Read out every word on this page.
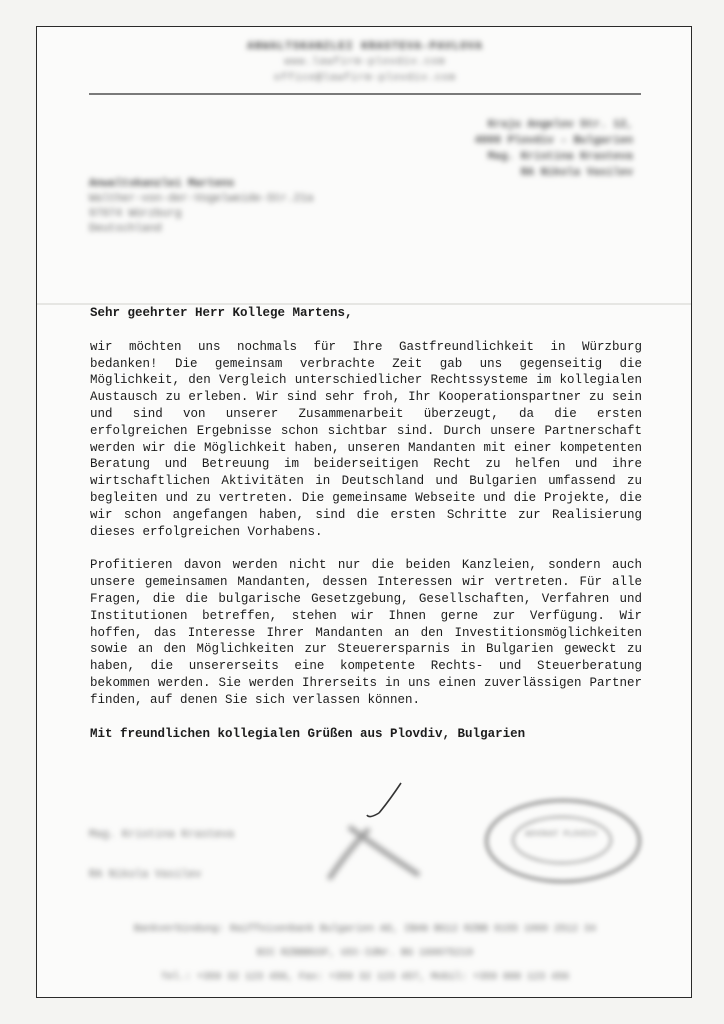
ANWALTSKANZLEI KRASTEVA-PAVLOVA
www.lawfirm-plovdiv.com
office@lawfirm-plovdiv.com
Kraju Angelov Str. 12,
4000 Plovdiv - Bulgarien
Mag. Kristina Krasteva
RA Nikola Vasilev
Anwaltskanzlei Martens
Walther-von-der-Vogelweide-Str.21a
97074 Würzburg
Deutschland

Sehr geehrter Herr Kollege Martens,

wir möchten uns nochmals für Ihre Gastfreundlichkeit in Würzburg bedanken! Die gemeinsam verbrachte Zeit gab uns gegenseitig die Möglichkeit, den Vergleich unterschiedlicher Rechtssysteme im kollegialen Austausch zu erleben. Wir sind sehr froh, Ihr Kooperationspartner zu sein und sind von unserer Zusammenarbeit überzeugt, da die ersten erfolgreichen Ergebnisse schon sichtbar sind. Durch unsere Partnerschaft werden wir die Möglichkeit haben, unseren Mandanten mit einer kompetenten Beratung und Betreuung im beiderseitigen Recht zu helfen und ihre wirtschaftlichen Aktivitäten in Deutschland und Bulgarien umfassend zu begleiten und zu vertreten. Die gemeinsame Webseite und die Projekte, die wir schon angefangen haben, sind die ersten Schritte zur Realisierung dieses erfolgreichen Vorhabens.

Profitieren davon werden nicht nur die beiden Kanzleien, sondern auch unsere gemeinsamen Mandanten, dessen Interessen wir vertreten. Für alle Fragen, die die bulgarische Gesetzgebung, Gesellschaften, Verfahren und Institutionen betreffen, stehen wir Ihnen gerne zur Verfügung. Wir hoffen, das Interesse Ihrer Mandanten an den Investitionsmöglichkeiten sowie an den Möglichkeiten zur Steuerersparnis in Bulgarien geweckt zu haben, die unsererseits eine kompetente Rechts- und Steuerberatung bekommen werden. Sie werden Ihrerseits in uns einen zuverlässigen Partner finden, auf denen Sie sich verlassen können.

Mit freundlichen kollegialen Grüßen aus Plovdiv, Bulgarien

Mag. Kristina Krasteva
RA Nikola Vasilev
ADVOKAT PLOVDIV
Bankverbindung: Raiffeisenbank Bulgarien AD, IBAN BG12 RZBB 9155 1060 2512 34
BIC RZBBBGSF, USt-IdNr. BG 160075219
Tel.: +359 32 123 456, Fax: +359 32 123 457, Mobil: +359 888 123 456
